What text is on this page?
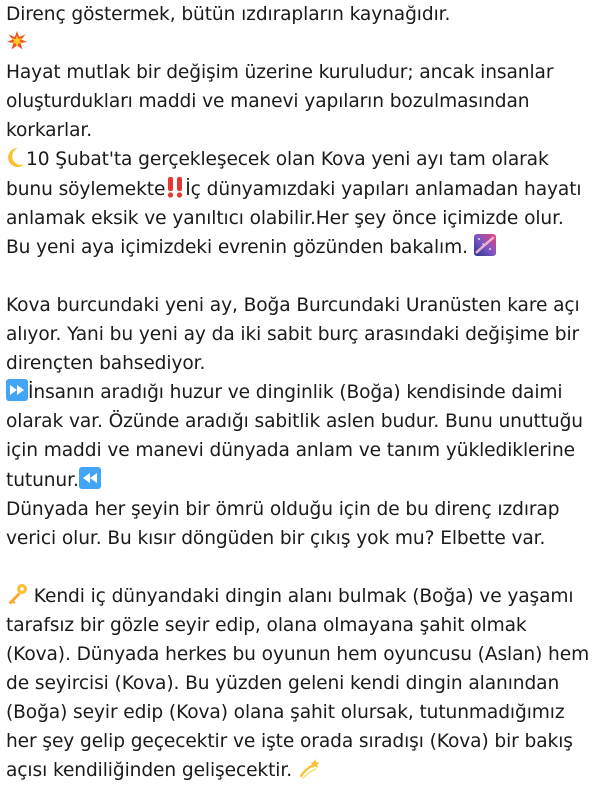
Direnç göstermek, bütün ızdırapların kaynağıdır.
Hayat mutlak bir değişim üzerine kuruludur; ancak insanlar
oluşturdukları maddi ve manevi yapıların bozulmasından
korkarlar.
10 Şubat'ta gerçekleşecek olan Kova yeni ayı tam olarak
bunu söylemekte İç dünyamızdaki yapıları anlamadan hayatı
anlamak eksik ve yanıltıcı olabilir.Her şey önce içimizde olur.
Bu yeni aya içimizdeki evrenin gözünden bakalım.
Kova burcundaki yeni ay, Boğa Burcundaki Uranüsten kare açı
alıyor. Yani bu yeni ay da iki sabit burç arasındaki değişime bir
dirençten bahsediyor.
İnsanın aradığı huzur ve dinginlik (Boğa) kendisinde daimi
olarak var. Özünde aradığı sabitlik aslen budur. Bunu unuttuğu
için maddi ve manevi dünyada anlam ve tanım yüklediklerine
tutunur.
Dünyada her şeyin bir ömrü olduğu için de bu direnç ızdırap
verici olur. Bu kısır döngüden bir çıkış yok mu? Elbette var.
Kendi iç dünyandaki dingin alanı bulmak (Boğa) ve yaşamı
tarafsız bir gözle seyir edip, olana olmayana şahit olmak
(Kova). Dünyada herkes bu oyunun hem oyuncusu (Aslan) hem
de seyircisi (Kova). Bu yüzden geleni kendi dingin alanından
(Boğa) seyir edip (Kova) olana şahit olursak, tutunmadığımız
her şey gelip geçecektir ve işte orada sıradışı (Kova) bir bakış
açısı kendiliğinden gelişecektir.
